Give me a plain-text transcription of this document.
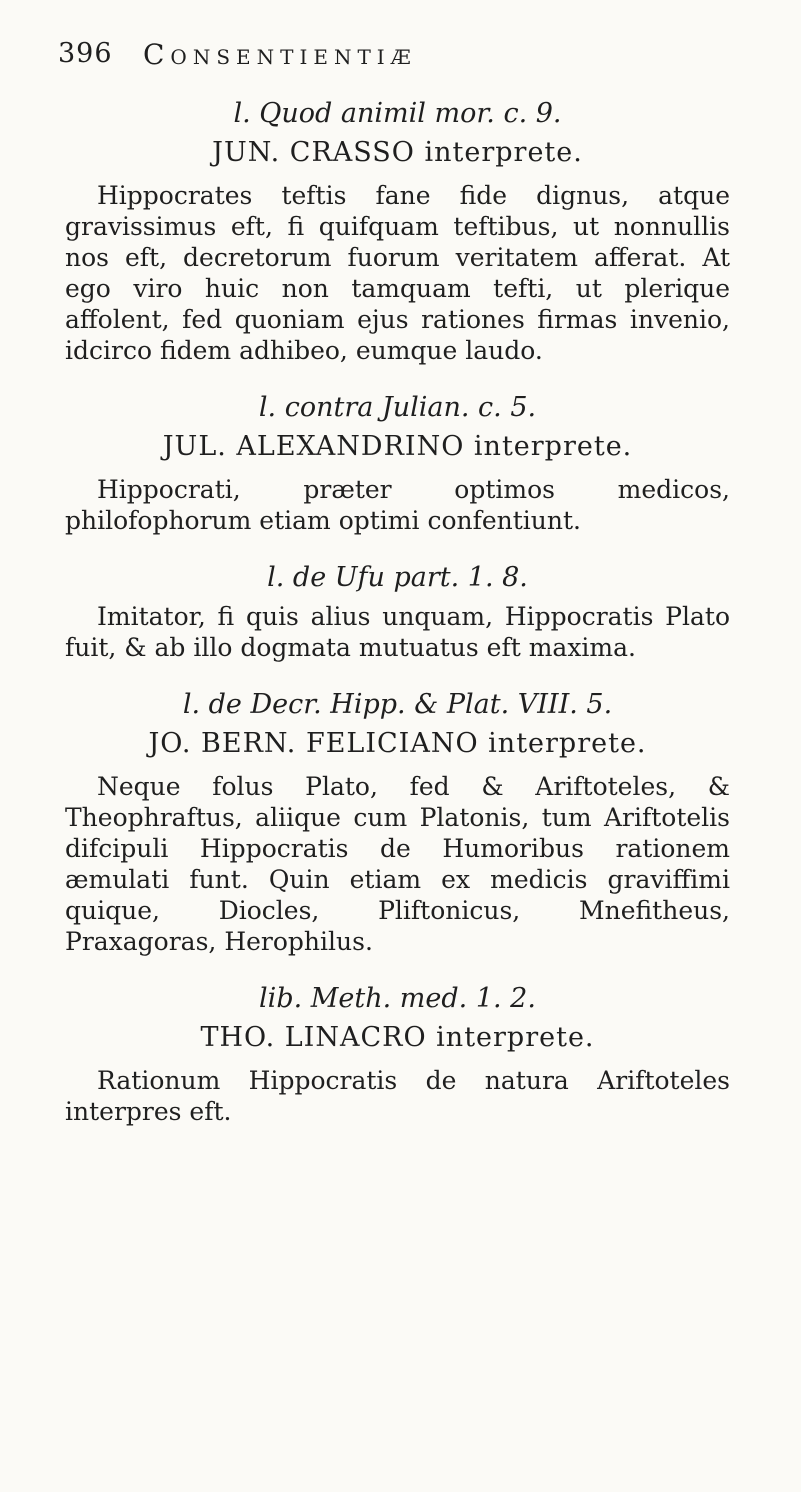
396 Consentientiæ

l. Quod animil mor. c. 9.

JUN. CRASSO interprete.

Hippocrates teftis fane fide dignus, atque gravissimus eft, fi quifquam teftibus, ut nonnullis nos eft, decretorum fuorum veritatem afferat. At ego viro huic non tamquam tefti, ut plerique affolent, fed quoniam ejus rationes firmas invenio, idcirco fidem adhibeo, eumque laudo.

l. contra Julian. c. 5.

JUL. ALEXANDRINO interprete.

Hippocrati, præter optimos medicos, philofophorum etiam optimi confentiunt.

l. de Ufu part. 1. 8.

Imitator, fi quis alius unquam, Hippocratis Plato fuit, & ab illo dogmata mutuatus eft maxima.

l. de Decr. Hipp. & Plat. VIII. 5.

JO. BERN. FELICIANO interprete.

Neque folus Plato, fed & Ariftoteles, & Theophraftus, aliique cum Platonis, tum Ariftotelis difcipuli Hippocratis de Humoribus rationem æmulati funt. Quin etiam ex medicis graviffimi quique, Diocles, Pliftonicus, Mnefitheus, Praxagoras, Herophilus.

lib. Meth. med. 1. 2.

THO. LINACRO interprete.

Rationum Hippocratis de natura Ariftoteles interpres eft.
